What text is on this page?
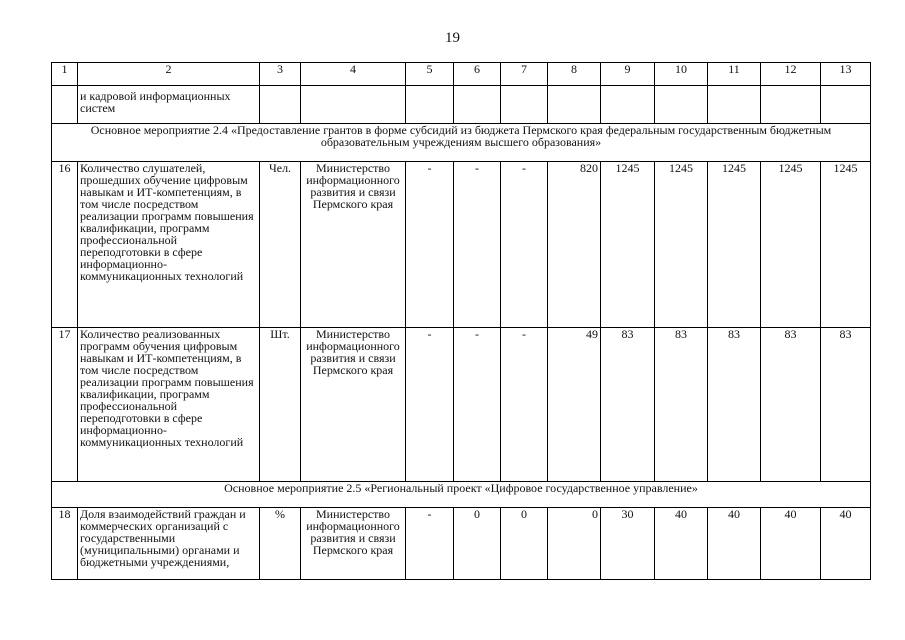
19
1	2	3	4	5	6	7	8	9	10	11	12	13
	и кадровой информационных систем											
Основное мероприятие 2.4 «Предоставление грантов в форме субсидий из бюджета Пермского края федеральным государственным бюджетным образовательным учреждениям высшего образования»												
16	Количество слушателей, прошедших обучение цифровым навыкам и ИТ-компетенциям, в том числе посредством реализации программ повышения квалификации, программ профессиональной переподготовки в сфере информационно-коммуникационных технологий	Чел.	Министерство информационного развития и связи Пермского края	-	-	-	820	1245	1245	1245	1245	1245
17	Количество реализованных программ обучения цифровым навыкам и ИТ-компетенциям, в том числе посредством реализации программ повышения квалификации, программ профессиональной переподготовки в сфере информационно-коммуникационных технологий	Шт.	Министерство информационного развития и связи Пермского края	-	-	-	49	83	83	83	83	83
Основное мероприятие 2.5 «Региональный проект «Цифровое государственное управление»												
18	Доля взаимодействий граждан и коммерческих организаций с государственными (муниципальными) органами и бюджетными учреждениями,	%	Министерство информационного развития и связи Пермского края	-	0	0	0	30	40	40	40	40
